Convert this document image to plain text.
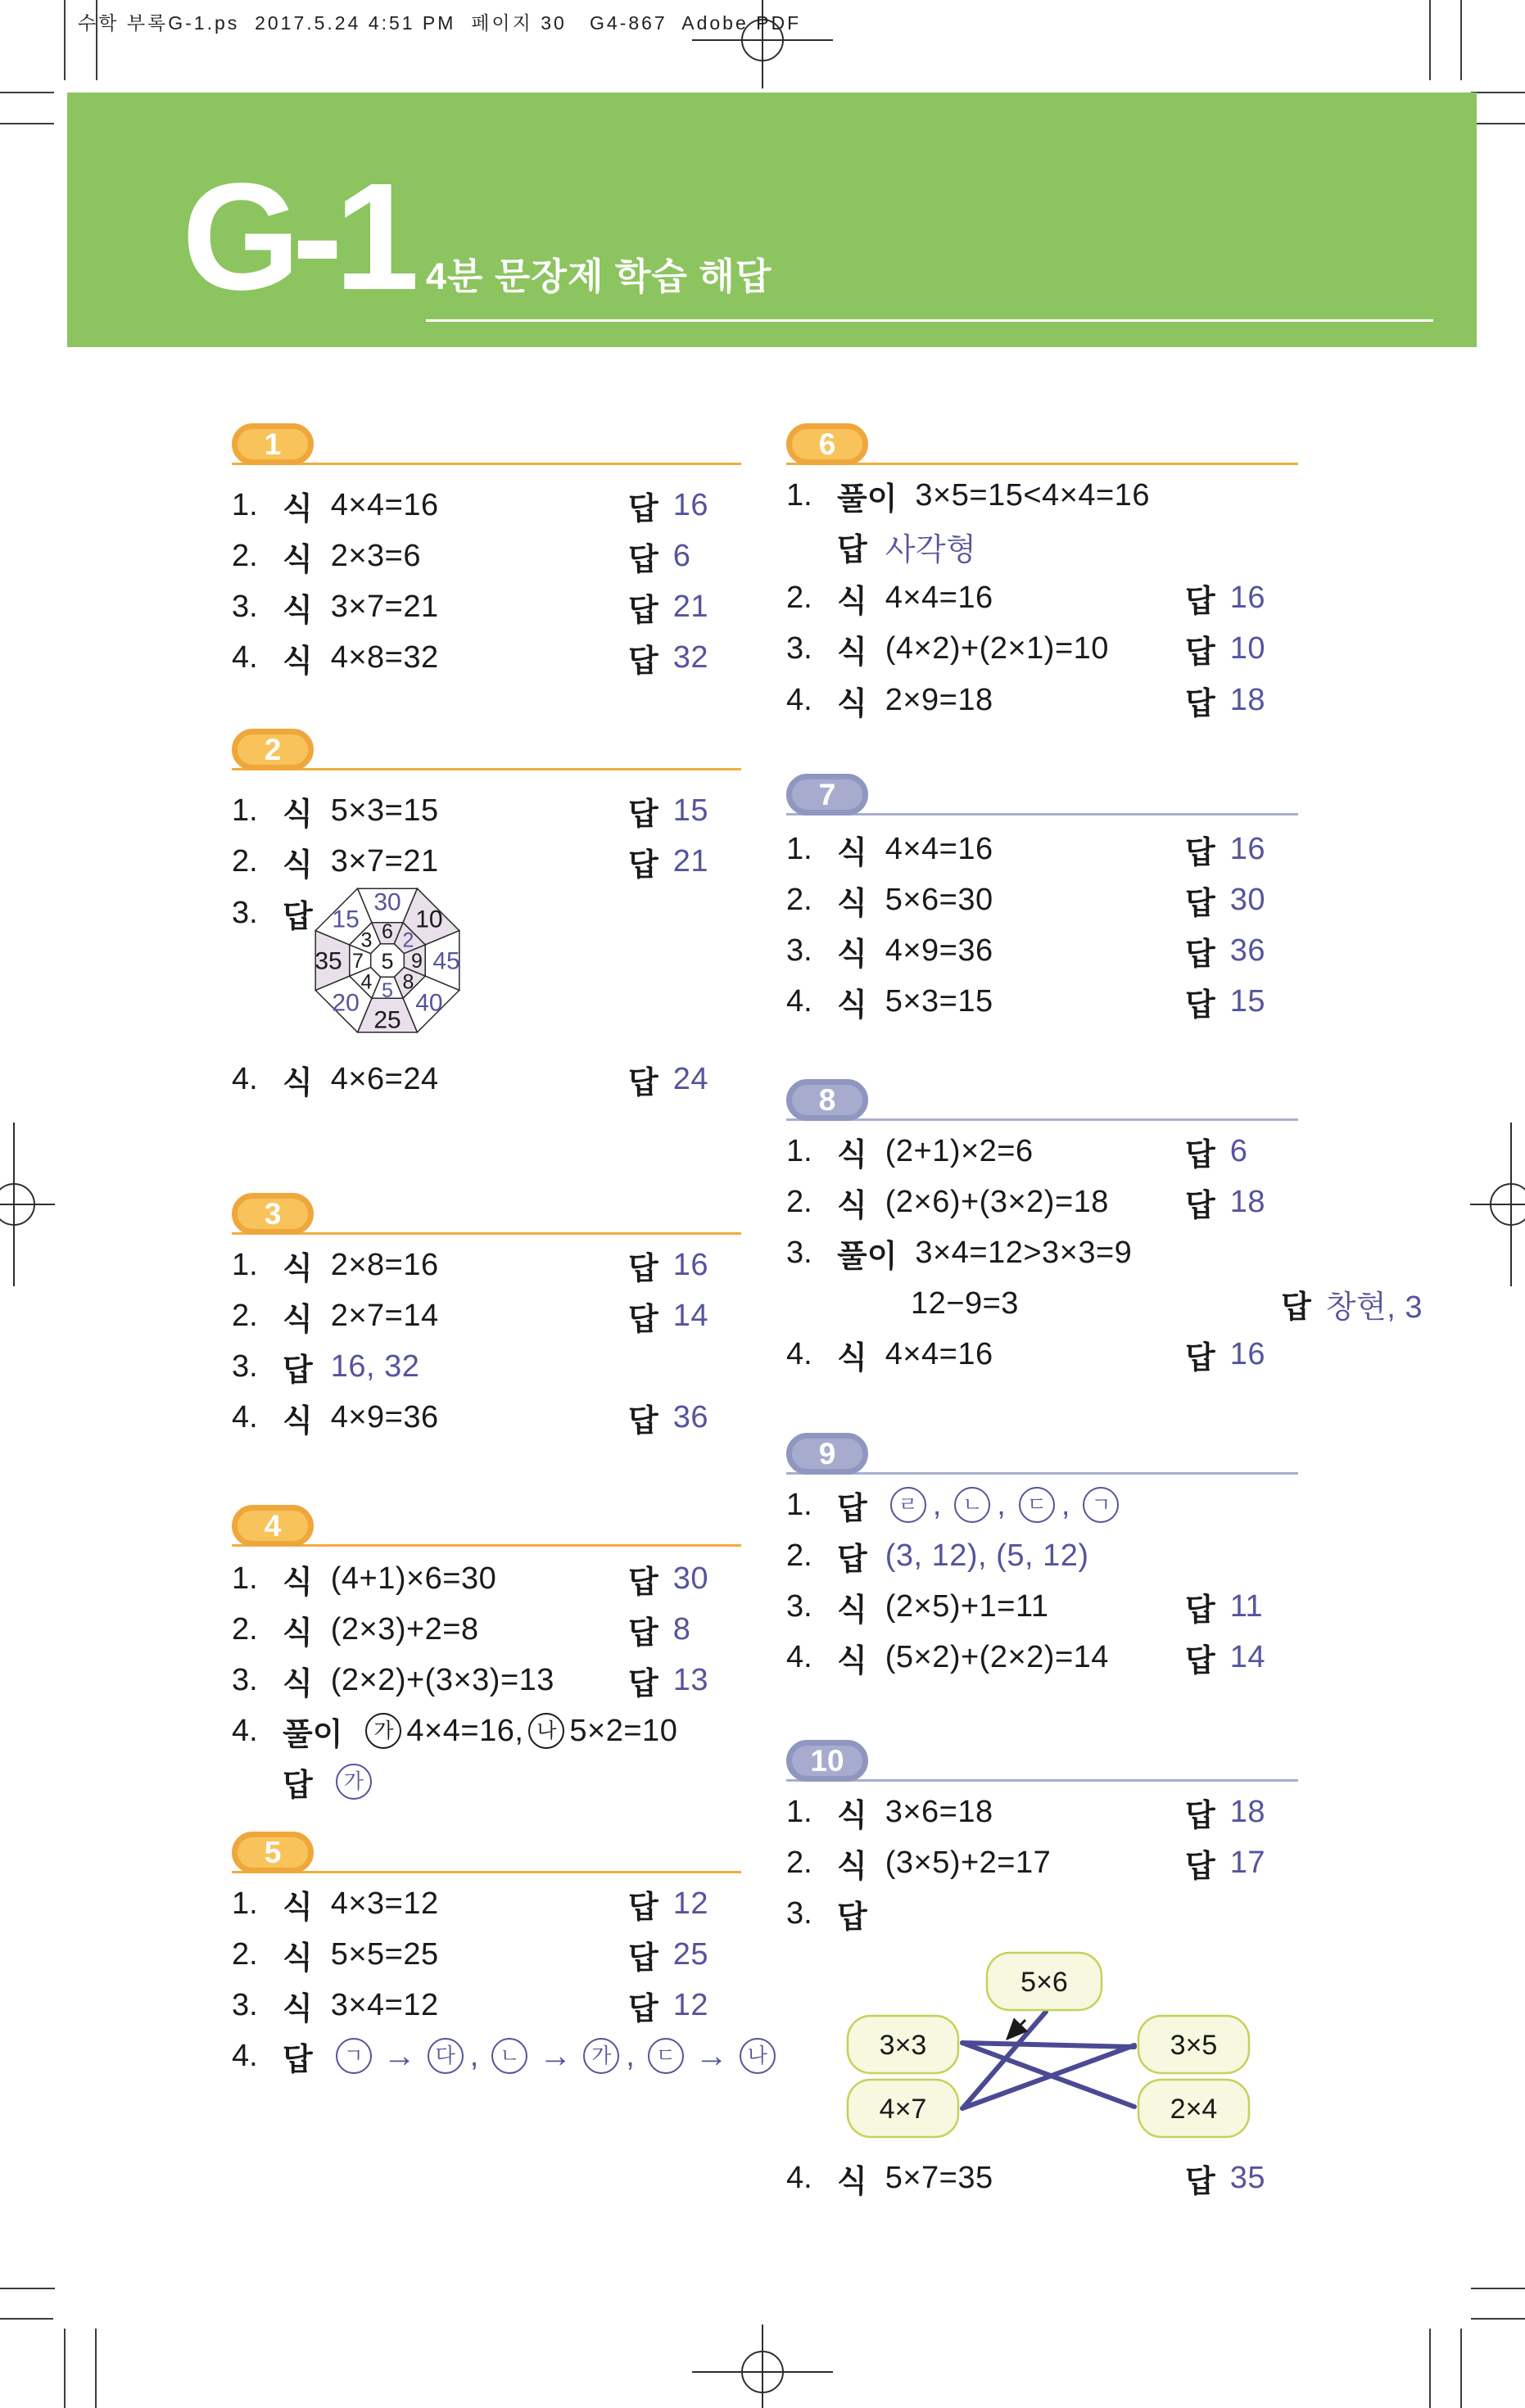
수학 부록G-1.ps  2017.5.24 4:51 PM  페이지 30   G4-867  Adobe PDF
G-1 4분 문장제 학습 해답
1
1. 식 4×4=16	답 16
2. 식 2×3=6	답 6
3. 식 3×7=21	답 21
4. 식 4×8=32	답 32
2
1. 식 5×3=15	답 15
2. 식 3×7=21	답 21
3. 답
4. 식 4×6=24	답 24
3
1. 식 2×8=16	답 16
2. 식 2×7=14	답 14
3. 답 16, 32
4. 식 4×9=36	답 36
4
1. 식 (4+1)×6=30	답 30
2. 식 (2×3)+2=8	답 8
3. 식 (2×2)+(3×3)=13 답 13
4. 풀이	가 4×4=16, 나 5×2=10
답	가
5
1. 식 4×3=12	답 12
2. 식 5×5=25	답 25
3. 식 3×4=12	답 12
4. 답	ㄱ → 다 ,	ㄴ → 가 ,	ㄷ → 나
6
1. 풀이 3×5=15<4×4=16
답 사각형
2. 식 4×4=16	답 16
3. 식 (4×2)+(2×1)=10 답 10
4. 식 2×9=18	답 18
7
1. 식 4×4=16	답 16
2. 식 5×6=30	답 30
3. 식 4×9=36	답 36
4. 식 5×3=15	답 15
8
1. 식 (2+1)×2=6	답 6
2. 식 (2×6)+(3×2)=18 답 18
3. 풀이 3×4=12>3×3=9
12−9=3	답 창현, 3
4. 식 4×4=16	답 16
9
1. 답	ㄹ ,	ㄴ ,	ㄷ ,	ㄱ
2. 답 (3, 12), (5, 12)
3. 식 (2×5)+1=11	답 11
4. 식 (5×2)+(2×2)=14 답 14
10
1. 식 3×6=18	답 18
2. 식 (3×5)+2=17	답 17
3. 답
4. 식 5×7=35	답 35
30
6 10
2
45
9
40
8
25
5
20
4
35 7
15
3
5
5×6
3×3	3×5
4×7	2×4
